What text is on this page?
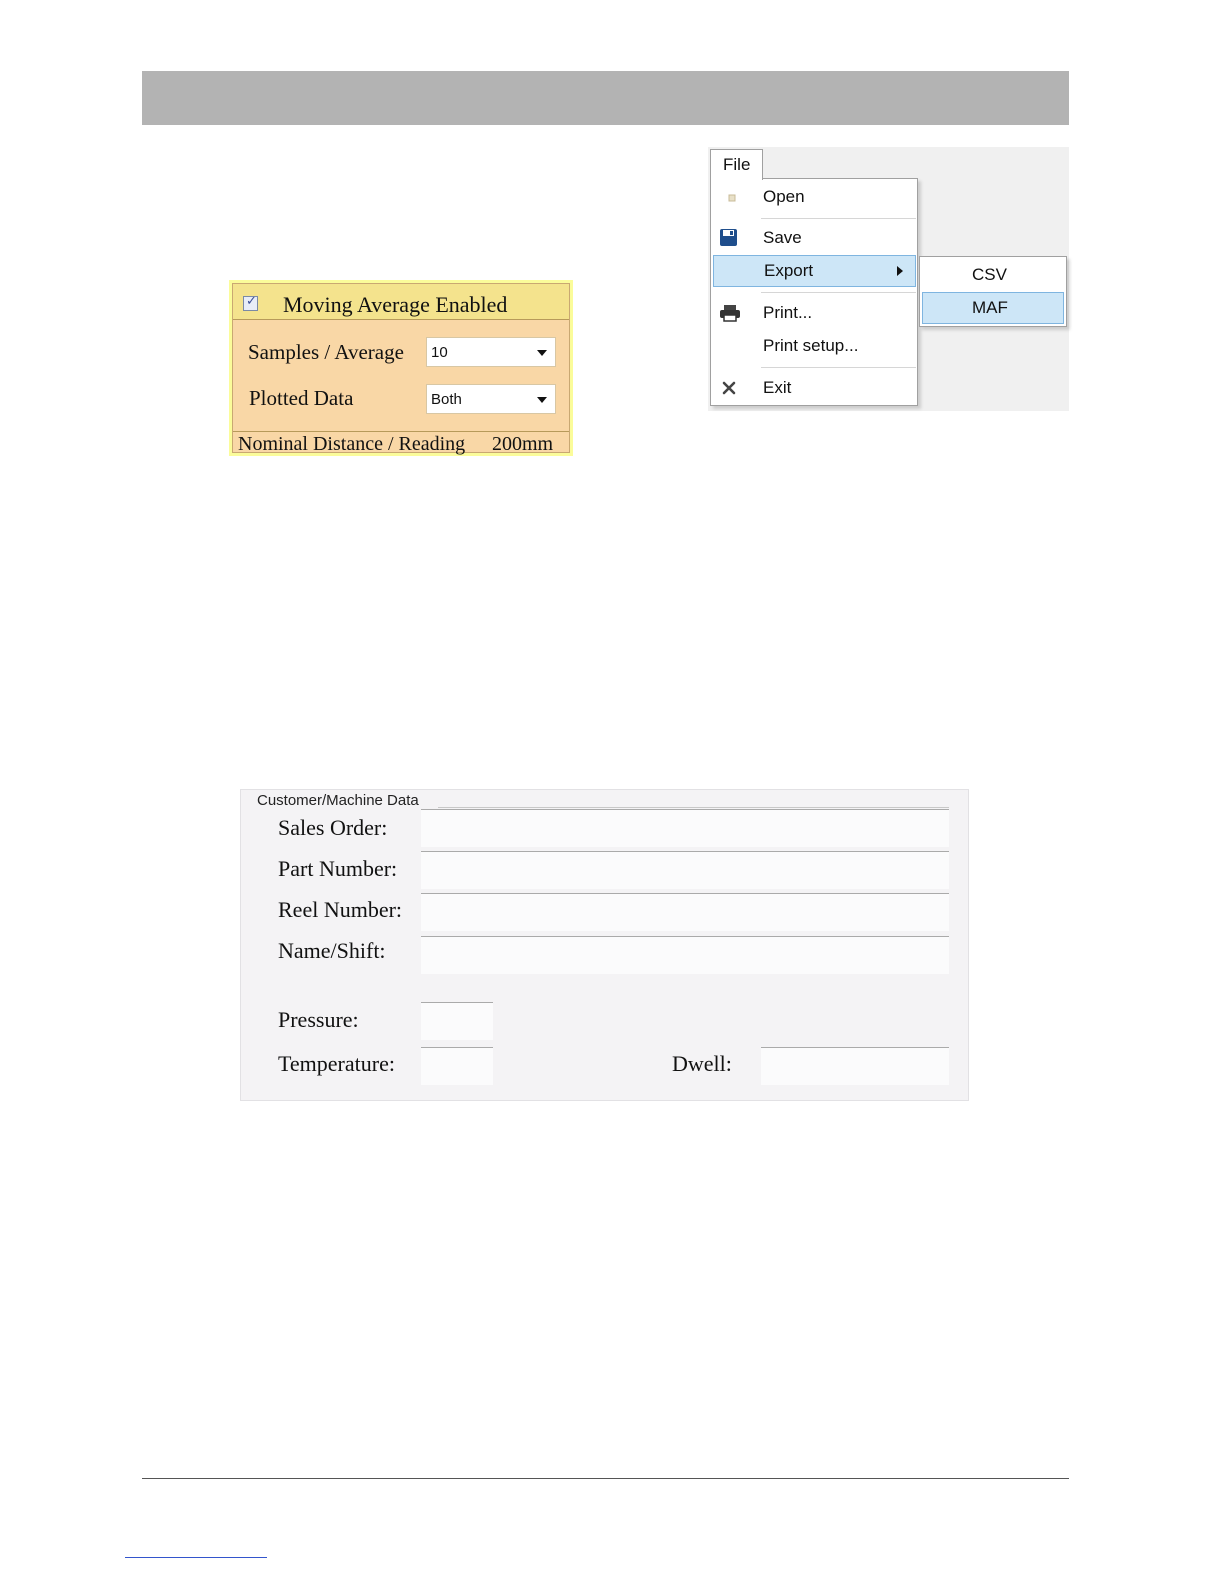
✓ Moving Average Enabled
Samples / Average 10
Plotted Data	Both
Nominal Distance / Reading 200mm
Open
Save
Export
Print...
Print setup...
Exit
File
CSV
MAF
Customer/Machine Data
Sales Order:
Part Number:
Reel Number:
Name/Shift:
Pressure:
Temperature:	Dwell:
